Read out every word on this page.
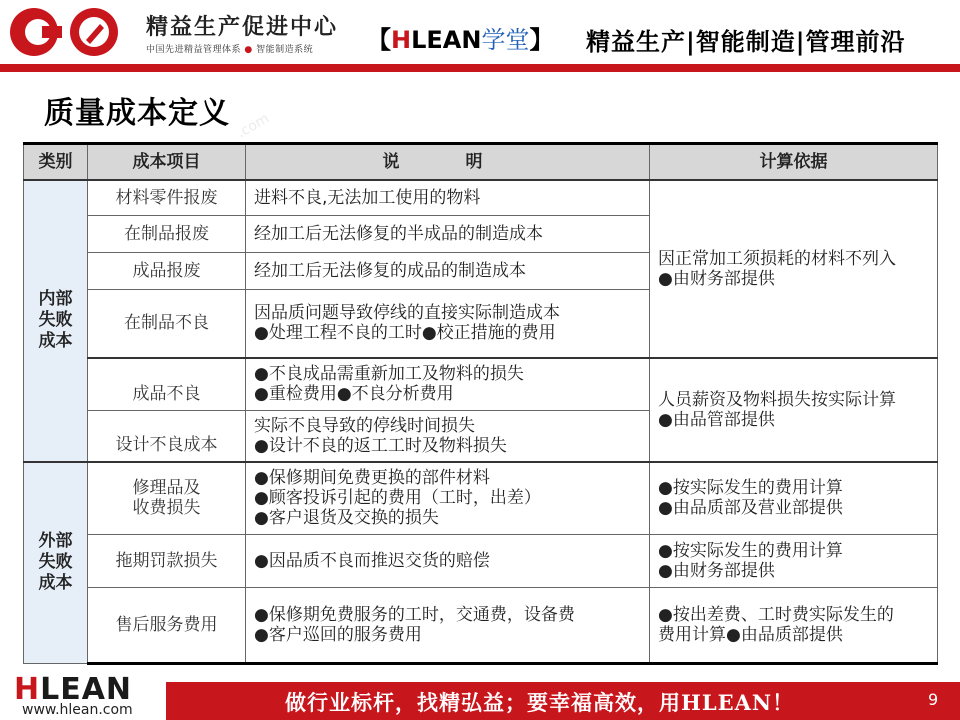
精益生产促进中心
中国先进精益管理体系 ● 智能制造系统 【HLEAN学堂】 精益生产|智能制造|管理前沿
质量成本定义 .com
类别	成本项目	说 明	计算依据

内部
失败
成本	材料零件报废	进料不良,无法加工使用的物料	因正常加工须损耗的材料不列入
●由财务部提供

	在制品报废	经加工后无法修复的半成品的制造成本	

	成品报废	经加工后无法修复的成品的制造成本	

	在制品不良	因品质问题导致停线的直接实际制造成本
●处理工程不良的工时●校正措施的费用	

	成品不良	●不良成品需重新加工及物料的损失
●重检费用●不良分析费用	人员薪资及物料损失按实际计算
●由品管部提供

	设计不良成本	实际不良导致的停线时间损失
●设计不良的返工工时及物料损失	

外部
失败
成本	修理品及
收费损失	●保修期间免费更换的部件材料
●顾客投诉引起的费用（工时，出差）
●客户退货及交换的损失	●按实际发生的费用计算
●由品质部及营业部提供

	拖期罚款损失	●因品质不良而推迟交货的赔偿	●按实际发生的费用计算
●由财务部提供

	售后服务费用	●保修期免费服务的工时，交通费，设备费
●客户巡回的服务费用	●按出差费、工时费实际发生的
费用计算●由品质部提供
HLEAN
www.hlean.com	做行业标杆，找精弘益；要幸福高效，用HLEAN！	9
